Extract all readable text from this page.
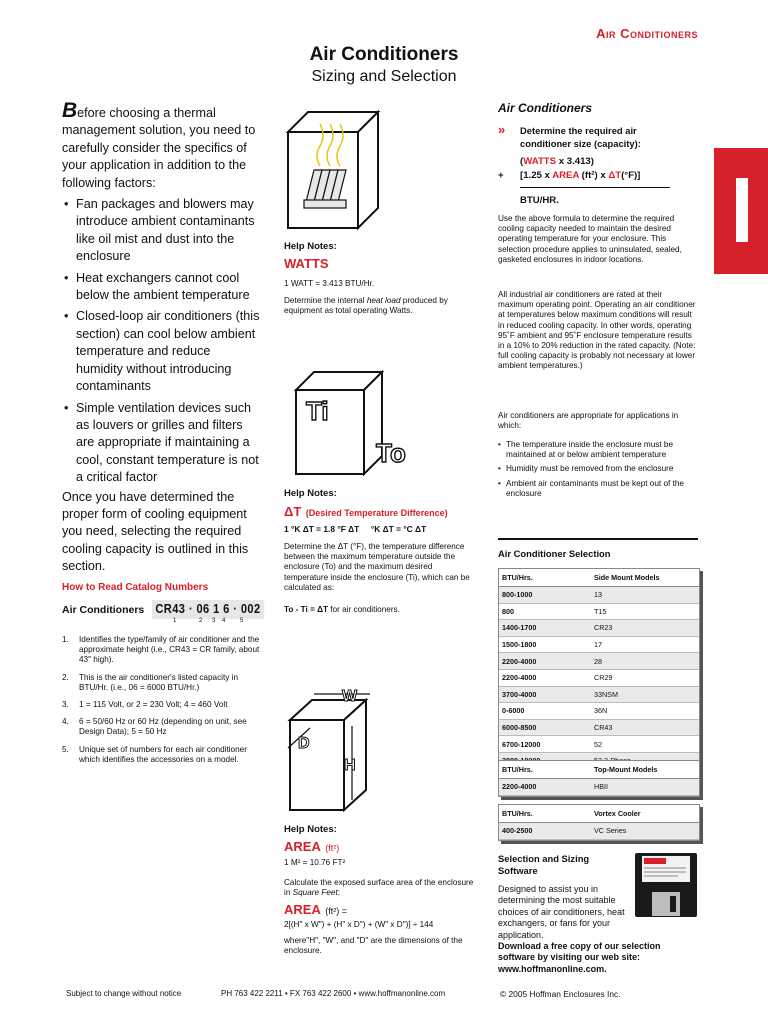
Air Conditioners
Air Conditioners
Sizing and Selection
Before choosing a thermal management solution, you need to carefully consider the specifics of your application in addition to the following factors:
• Fan packages and blowers may introduce ambient contaminants like oil mist and dust into the enclosure
• Heat exchangers cannot cool below the ambient temperature
• Closed-loop air conditioners (this section) can cool below ambient temperature and reduce humidity without introducing contaminants
• Simple ventilation devices such as louvers or grilles and filters are appropriate if maintaining a cool, constant temperature is not a critical factor
Once you have determined the proper form of cooling equipment you need, selecting the required cooling capacity is outlined in this section.
How to Read Catalog Numbers
Air Conditioners CR43 · 06 1 6 · 002
1	2 3 4 5
1. Identifies the type/family of air conditioner and the approximate height (i.e., CR43 = CR family, about 43" high).
2. This is the air conditioner's listed capacity in BTU/Hr. (i.e., 06 = 6000 BTU/Hr.)
3. 1 = 115 Volt, or 2 = 230 Volt; 4 = 460 Volt
4. 6 = 50/60 Hz or 60 Hz (depending on unit, see Design Data); 5 = 50 Hz
5. Unique set of numbers for each air conditioner which identifies the accessories on a model.
Help Notes:
WATTS
1 WATT = 3.413 BTU/Hr.
Determine the internal heat load produced by equipment as total operating Watts.
Ti
To
Help Notes:
ΔT (Desired Temperature Difference)
1 °K ΔT = 1.8 °F ΔT     °K ΔT = °C ΔT
Determine the ΔT (°F), the temperature difference between the maximum temperature outside the enclosure (To) and the maximum desired temperature inside the enclosure (Ti), which can be calculated as:
To - Ti = ΔT for air conditioners.
W
D
H
Help Notes:
AREA (ft²)
1 M² = 10.76 FT²
Calculate the exposed surface area of the enclosure in Square Feet:
AREA (ft²) =
2[(H" x W") + (H" x D") + (W" x D")] ÷ 144
where"H", "W", and "D" are the dimensions of the enclosure.
Air Conditioners
» Determine the required air conditioner size (capacity):
(WATTS x 3.413)
+ [1.25 x AREA (ft²) x ΔT(°F)]
BTU/HR.
Use the above formula to determine the required cooling capacity needed to maintain the desired operating temperature for your enclosure. This selection procedure applies to uninsulated, sealed, gasketed enclosures in indoor locations.
All industrial air conditioners are rated at their maximum operating point. Operating an air conditioner at temperatures below maximum conditions will result in reduced cooling capacity. In other words, operating 95˚F ambient and 95˚F enclosure temperature results in a 10% to 20% reduction in the rated capacity. (Note: full cooling capacity is probably not necessary at lower ambient temperatures.)
Air conditioners are appropriate for applications in which:
• The temperature inside the enclosure must be maintained at or below ambient temperature
• Humidity must be removed from the enclosure
• Ambient air contaminants must be kept out of the enclosure
Air Conditioner Selection
BTU/Hrs.	Side Mount Models
800-1000	13
800	T15
1400-1700	CR23
1500-1800	17
2200-4000	28
2200-4000	CR29
3700-4000	33NSM
0-6000	36N
6000-8500	CR43
6700-12000	52

BTU/Hrs.	Top-Mount Models
2200-4000	HBII
BTU/Hrs.	Vortex Cooler
400-2500	VC Series
Selection and Sizing Software
Designed to assist you in determining the most suitable choices of air conditioners, heat exchangers, or fans for your application.
Download a free copy of our selection software by visiting our web site: www.hoffmanonline.com.
Subject to change without notice	PH 763 422 2211 • FX 763 422 2600 • www.hoffmanonline.com	© 2005 Hoffman Enclosures Inc.
